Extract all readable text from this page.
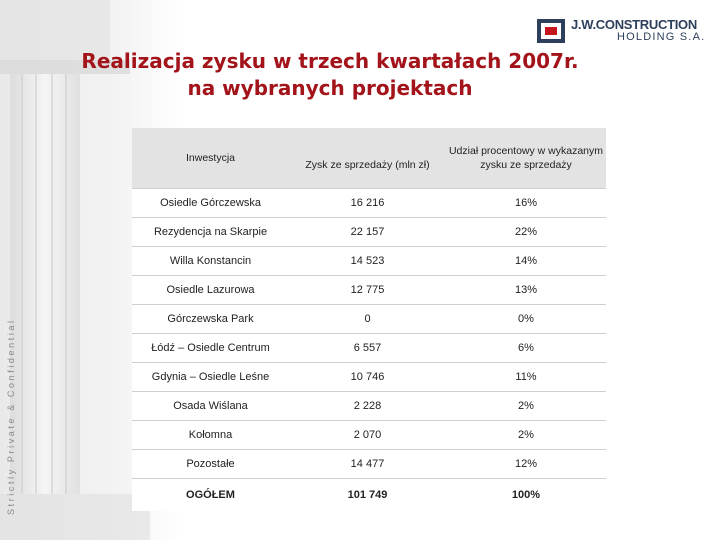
Strictly Private & Confidential
J.W.CONSTRUCTION
HOLDING S.A.
Realizacja zysku w trzech kwartałach 2007r.
na wybranych projektach
Inwestycja	Zysk ze sprzedaży (mln zł)	Udział procentowy w wykazanym zysku ze sprzedaży
Osiedle Górczewska	16 216	16%
Rezydencja na Skarpie	22 157	22%
Willa Konstancin	14 523	14%
Osiedle Lazurowa	12 775	13%
Górczewska Park	0	0%
Łódź – Osiedle Centrum	6 557	6%
Gdynia – Osiedle Leśne	10 746	11%
Osada Wiślana	2 228	2%
Kołomna	2 070	2%
Pozostałe	14 477	12%
OGÓŁEM	101 749	100%
